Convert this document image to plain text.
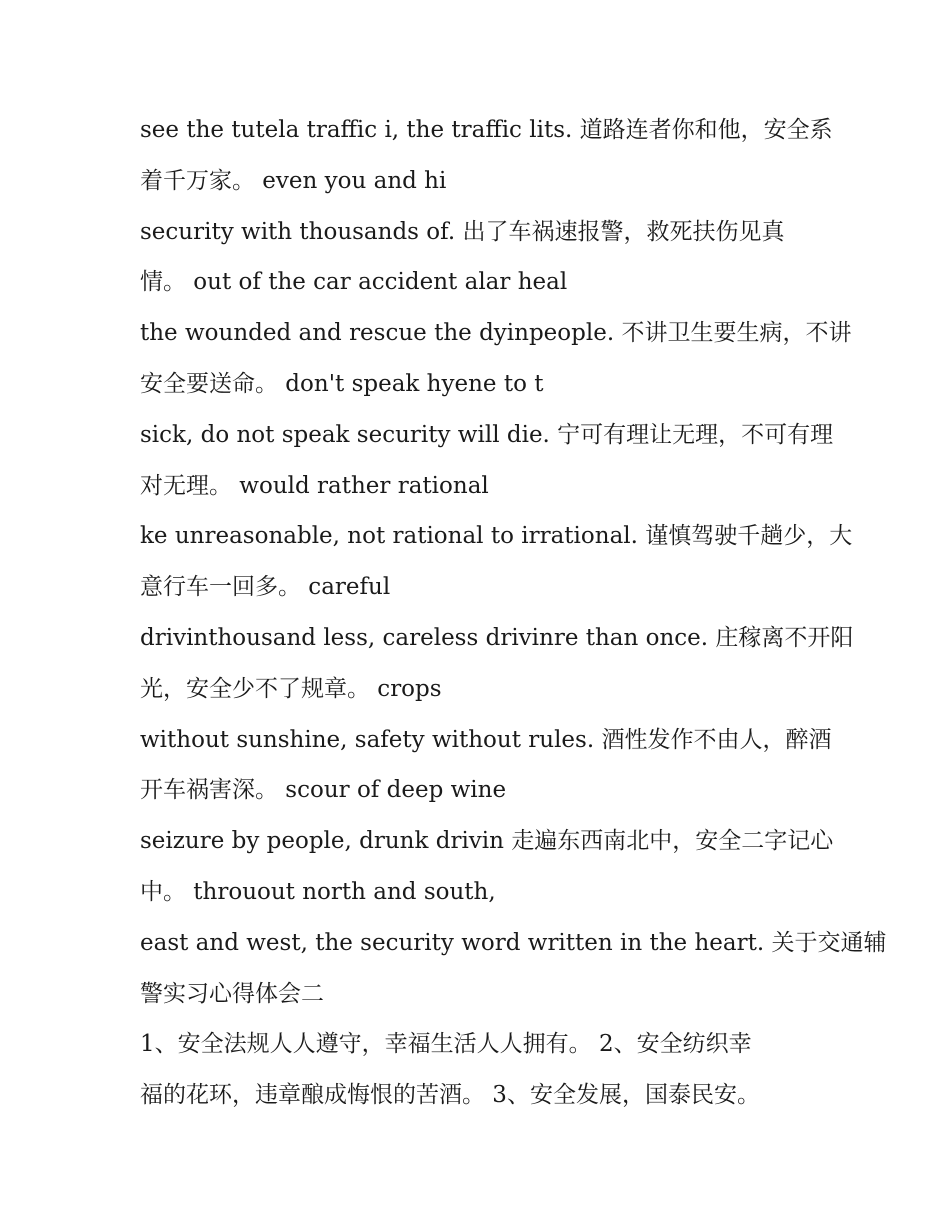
see the tutela traffic i, the traffic lits. 道路连者你和他，安全系
着千万家。 even you and hi
security with thousands of. 出了车祸速报警，救死扶伤见真
情。 out of the car accident alar heal
the wounded and rescue the dyinpeople. 不讲卫生要生病，不讲
安全要送命。 don't speak hyene to t
sick, do not speak security will die. 宁可有理让无理，不可有理
对无理。 would rather rational
ke unreasonable, not rational to irrational. 谨慎驾驶千趟少，大
意行车一回多。 careful
drivinthousand less, careless drivinre than once. 庄稼离不开阳
光，安全少不了规章。 crops
without sunshine, safety without rules. 酒性发作不由人，醉酒
开车祸害深。 scour of deep wine
seizure by people, drunk drivin 走遍东西南北中，安全二字记心
中。 throuout north and south,
east and west, the security word written in the heart. 关于交通辅
警实习心得体会二
1、安全法规人人遵守，幸福生活人人拥有。 2、安全纺织幸
福的花环，违章酿成悔恨的苦酒。 3、安全发展，国泰民安。
